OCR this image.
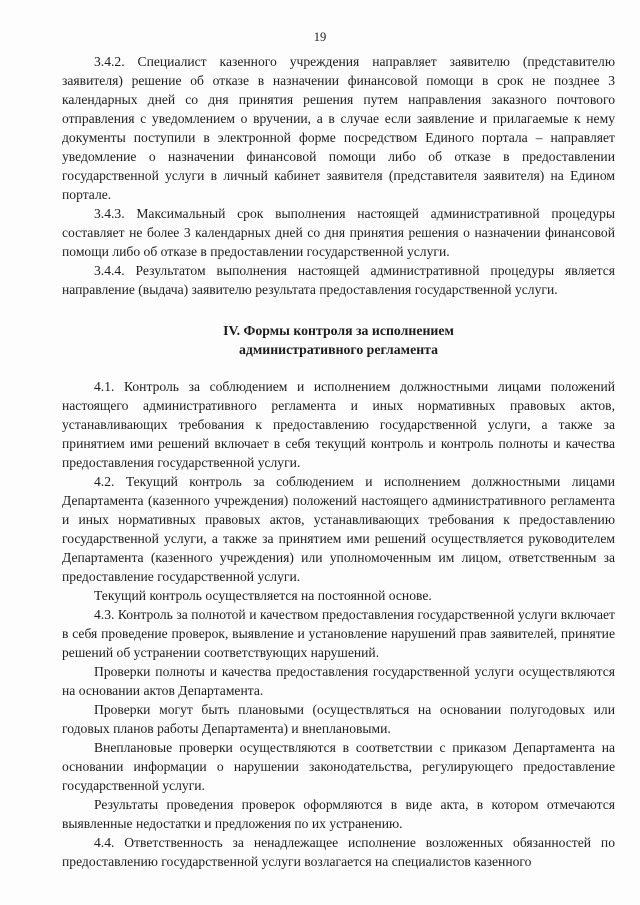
19

3.4.2. Специалист казенного учреждения направляет заявителю (представителю заявителя) решение об отказе в назначении финансовой помощи в срок не позднее 3 календарных дней со дня принятия решения путем направления заказного почтового отправления с уведомлением о вручении, а в случае если заявление и прилагаемые к нему документы поступили в электронной форме посредством Единого портала – направляет уведомление о назначении финансовой помощи либо об отказе в предоставлении государственной услуги в личный кабинет заявителя (представителя заявителя) на Едином портале.

3.4.3. Максимальный срок выполнения настоящей административной процедуры составляет не более 3 календарных дней со дня принятия решения о назначении финансовой помощи либо об отказе в предоставлении государственной услуги.

3.4.4. Результатом выполнения настоящей административной процедуры является направление (выдача) заявителю результата предоставления государственной услуги.

IV. Формы контроля за исполнением
административного регламента

4.1. Контроль за соблюдением и исполнением должностными лицами положений настоящего административного регламента и иных нормативных правовых актов, устанавливающих требования к предоставлению государственной услуги, а также за принятием ими решений включает в себя текущий контроль и контроль полноты и качества предоставления государственной услуги.

4.2. Текущий контроль за соблюдением и исполнением должностными лицами Департамента (казенного учреждения) положений настоящего административного регламента и иных нормативных правовых актов, устанавливающих требования к предоставлению государственной услуги, а также за принятием ими решений осуществляется руководителем Департамента (казенного учреждения) или уполномоченным им лицом, ответственным за предоставление государственной услуги.

Текущий контроль осуществляется на постоянной основе.

4.3. Контроль за полнотой и качеством предоставления государственной услуги включает в себя проведение проверок, выявление и установление нарушений прав заявителей, принятие решений об устранении соответствующих нарушений.

Проверки полноты и качества предоставления государственной услуги осуществляются на основании актов Департамента.

Проверки могут быть плановыми (осуществляться на основании полугодовых или годовых планов работы Департамента) и внеплановыми.

Внеплановые проверки осуществляются в соответствии с приказом Департамента на основании информации о нарушении законодательства, регулирующего предоставление государственной услуги.

Результаты проведения проверок оформляются в виде акта, в котором отмечаются выявленные недостатки и предложения по их устранению.

4.4. Ответственность за ненадлежащее исполнение возложенных обязанностей по предоставлению государственной услуги возлагается на специалистов казенного
